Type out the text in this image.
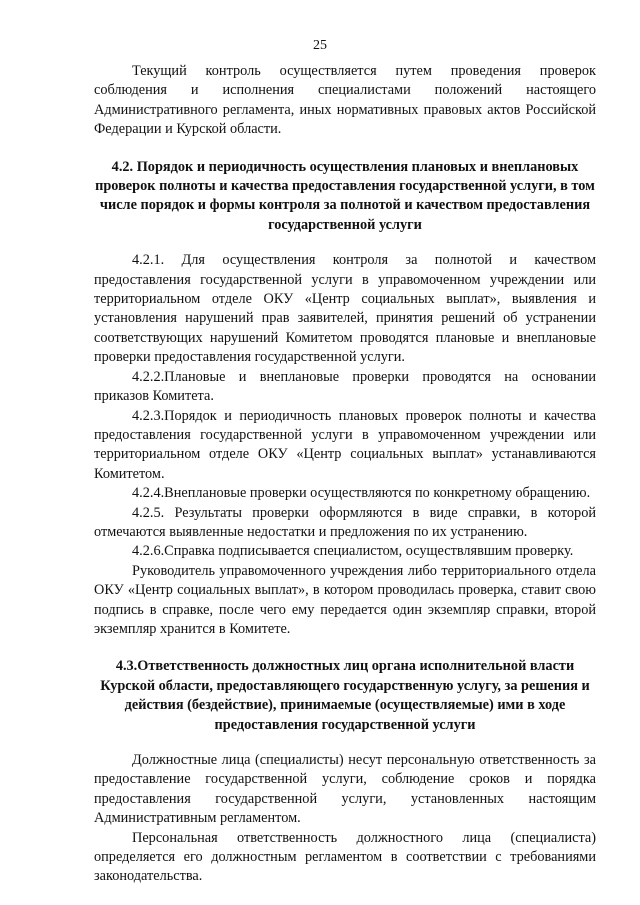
25

Текущий контроль осуществляется путем проведения проверок соблюдения и исполнения специалистами положений настоящего Административного регламента, иных нормативных правовых актов Российской Федерации и Курской области.

4.2. Порядок и периодичность осуществления плановых и внеплановых проверок полноты и качества предоставления государственной услуги, в том числе порядок и формы контроля за полнотой и качеством предоставления государственной услуги

4.2.1. Для осуществления контроля за полнотой и качеством предоставления государственной услуги в управомоченном учреждении или территориальном отделе ОКУ «Центр социальных выплат», выявления и установления нарушений прав заявителей, принятия решений об устранении соответствующих нарушений Комитетом проводятся плановые и внеплановые проверки предоставления государственной услуги.

4.2.2.Плановые и внеплановые проверки проводятся на основании приказов Комитета.

4.2.3.Порядок и периодичность плановых проверок полноты и качества предоставления государственной услуги в управомоченном учреждении или территориальном отделе ОКУ «Центр социальных выплат» устанавливаются Комитетом.

4.2.4.Внеплановые проверки осуществляются по конкретному обращению.

4.2.5. Результаты проверки оформляются в виде справки, в которой отмечаются выявленные недостатки и предложения по их устранению.

4.2.6.Справка подписывается специалистом, осуществлявшим проверку.

Руководитель управомоченного учреждения либо территориального отдела ОКУ «Центр социальных выплат», в котором проводилась проверка, ставит свою подпись в справке, после чего ему передается один экземпляр справки, второй экземпляр хранится в Комитете.

4.3.Ответственность должностных лиц органа исполнительной власти Курской области, предоставляющего государственную услугу, за решения и действия (бездействие), принимаемые (осуществляемые) ими в ходе предоставления государственной услуги

Должностные лица (специалисты) несут персональную ответственность за предоставление государственной услуги, соблюдение сроков и порядка предоставления государственной услуги, установленных настоящим Административным регламентом.

Персональная ответственность должностного лица (специалиста) определяется его должностным регламентом в соответствии с требованиями законодательства.
